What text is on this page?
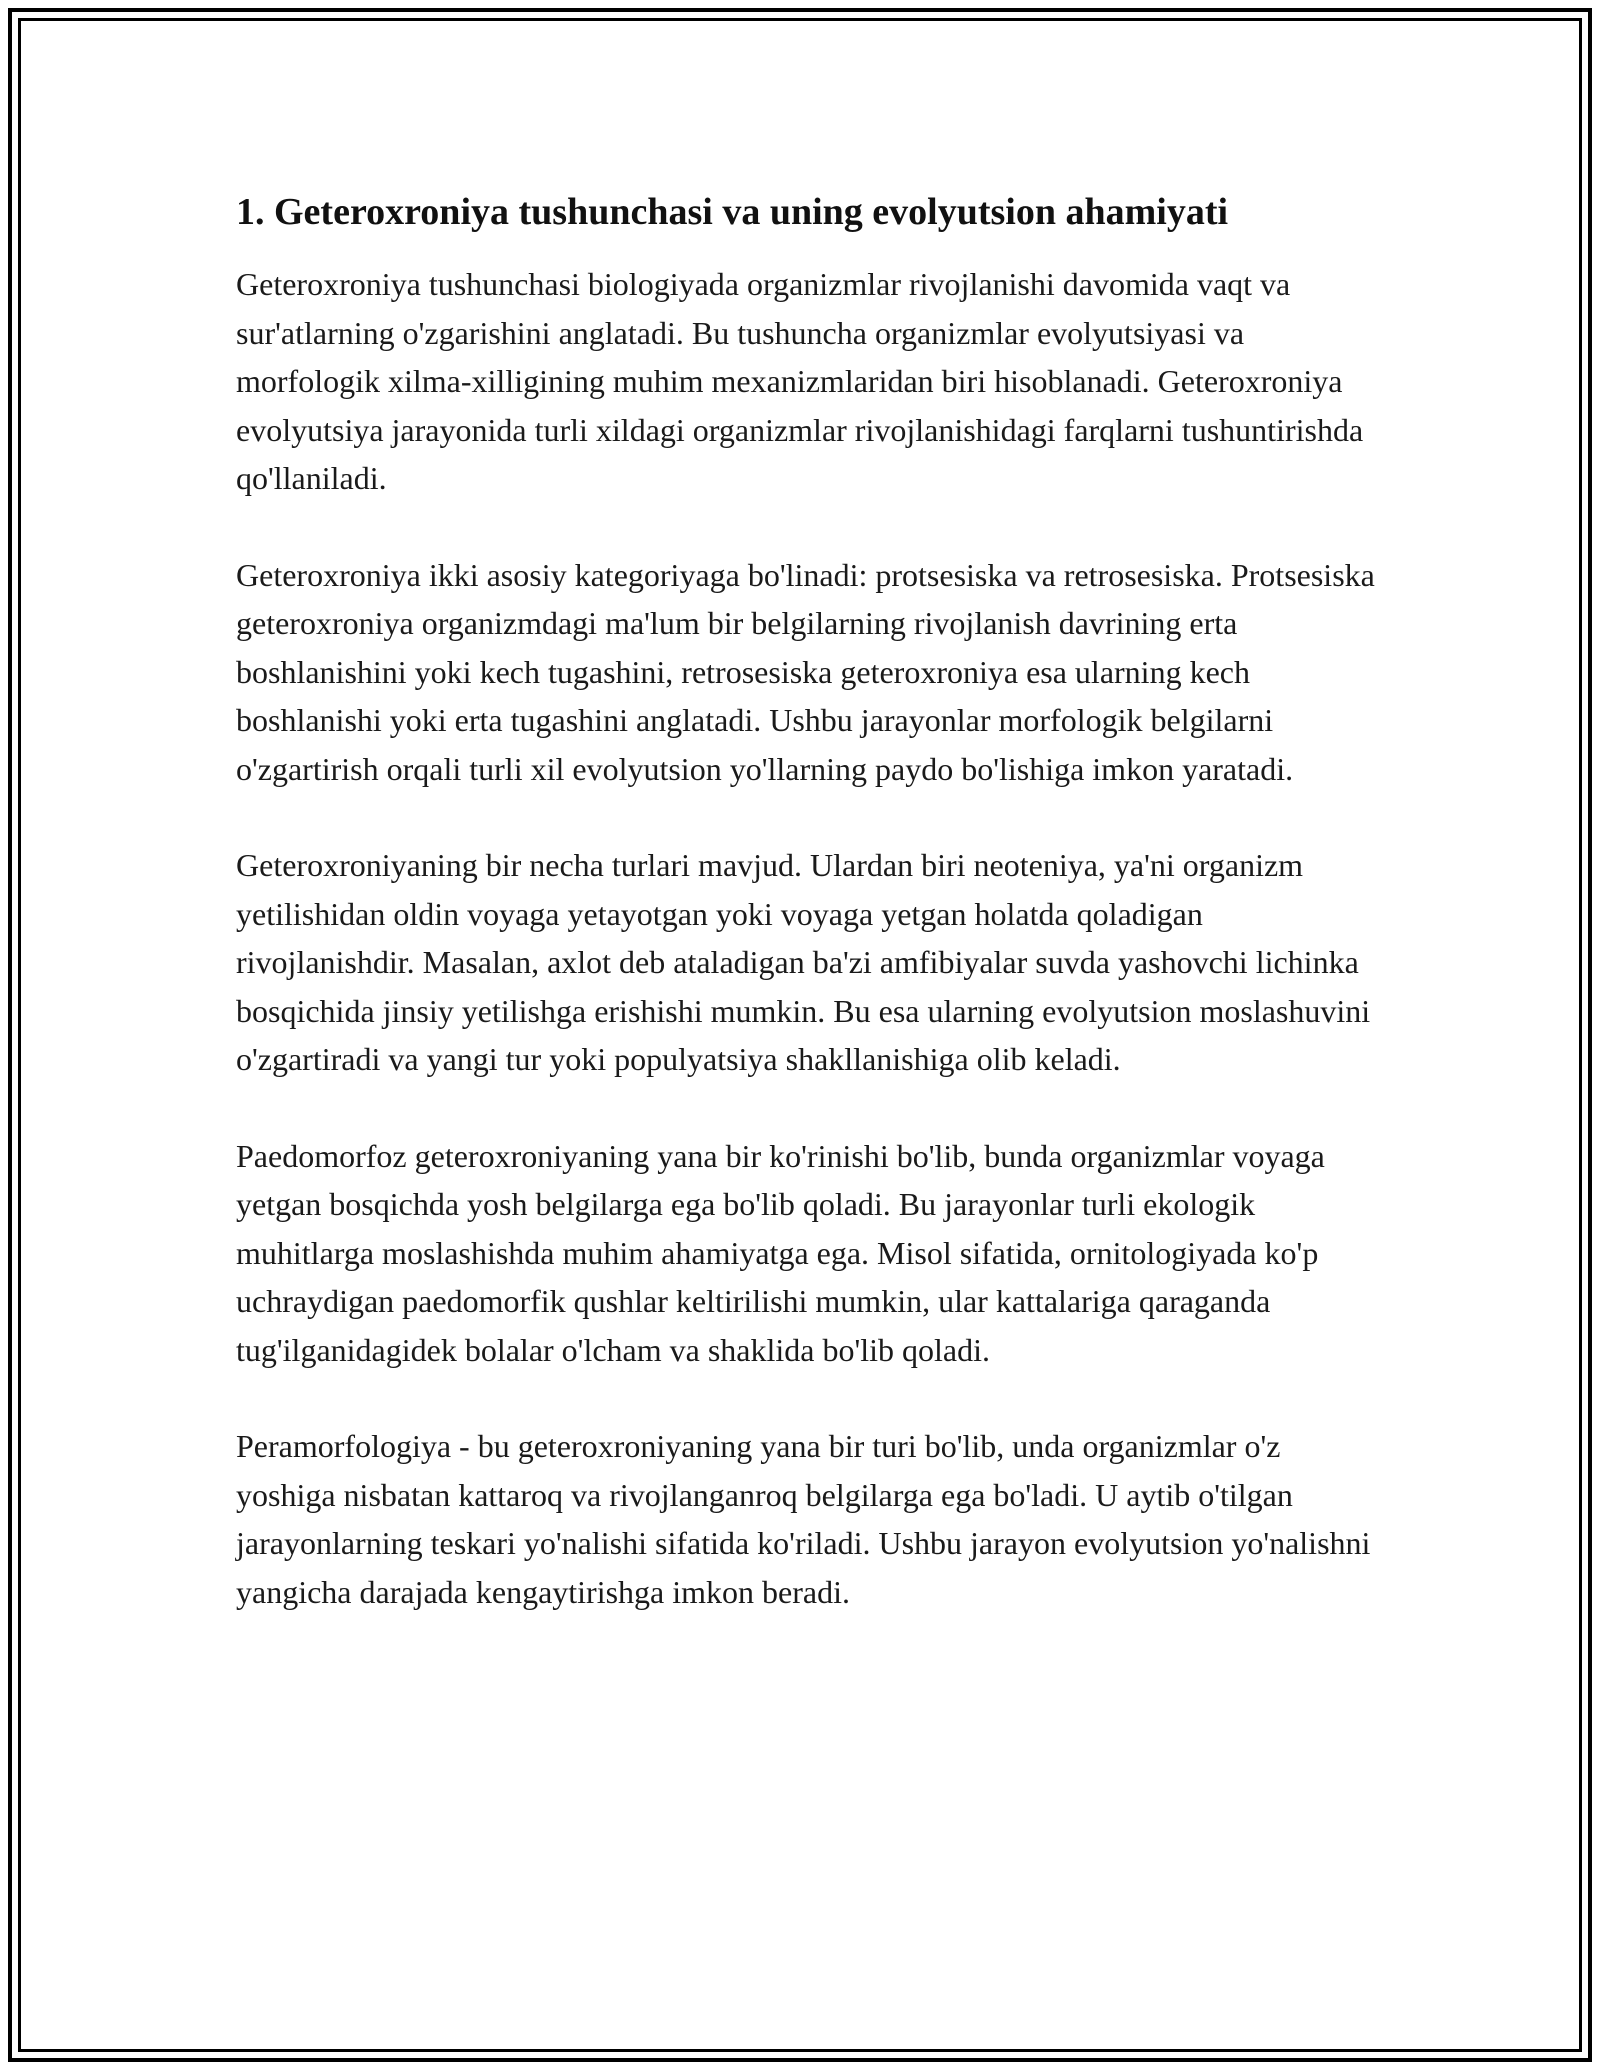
1. Geteroxroniya tushunchasi va uning evolyutsion ahamiyati

Geteroxroniya tushunchasi biologiyada organizmlar rivojlanishi davomida vaqt va sur'atlarning o'zgarishini anglatadi. Bu tushuncha organizmlar evolyutsiyasi va morfologik xilma-xilligining muhim mexanizmlaridan biri hisoblanadi. Geteroxroniya evolyutsiya jarayonida turli xildagi organizmlar rivojlanishidagi farqlarni tushuntirishda qo'llaniladi.

Geteroxroniya ikki asosiy kategoriyaga bo'linadi: protsesiska va retrosesiska. Protsesiska geteroxroniya organizmdagi ma'lum bir belgilarning rivojlanish davrining erta boshlanishini yoki kech tugashini, retrosesiska geteroxroniya esa ularning kech boshlanishi yoki erta tugashini anglatadi. Ushbu jarayonlar morfologik belgilarni o'zgartirish orqali turli xil evolyutsion yo'llarning paydo bo'lishiga imkon yaratadi.

Geteroxroniyaning bir necha turlari mavjud. Ulardan biri neoteniya, ya'ni organizm yetilishidan oldin voyaga yetayotgan yoki voyaga yetgan holatda qoladigan rivojlanishdir. Masalan, axlot deb ataladigan ba'zi amfibiyalar suvda yashovchi lichinka bosqichida jinsiy yetilishga erishishi mumkin. Bu esa ularning evolyutsion moslashuvini o'zgartiradi va yangi tur yoki populyatsiya shakllanishiga olib keladi.

Paedomorfoz geteroxroniyaning yana bir ko'rinishi bo'lib, bunda organizmlar voyaga yetgan bosqichda yosh belgilarga ega bo'lib qoladi. Bu jarayonlar turli ekologik muhitlarga moslashishda muhim ahamiyatga ega. Misol sifatida, ornitologiyada ko'p uchraydigan paedomorfik qushlar keltirilishi mumkin, ular kattalariga qaraganda tug'ilganidagidek bolalar o'lcham va shaklida bo'lib qoladi.

Peramorfologiya - bu geteroxroniyaning yana bir turi bo'lib, unda organizmlar o'z yoshiga nisbatan kattaroq va rivojlanganroq belgilarga ega bo'ladi. U aytib o'tilgan jarayonlarning teskari yo'nalishi sifatida ko'riladi. Ushbu jarayon evolyutsion yo'nalishni yangicha darajada kengaytirishga imkon beradi.
